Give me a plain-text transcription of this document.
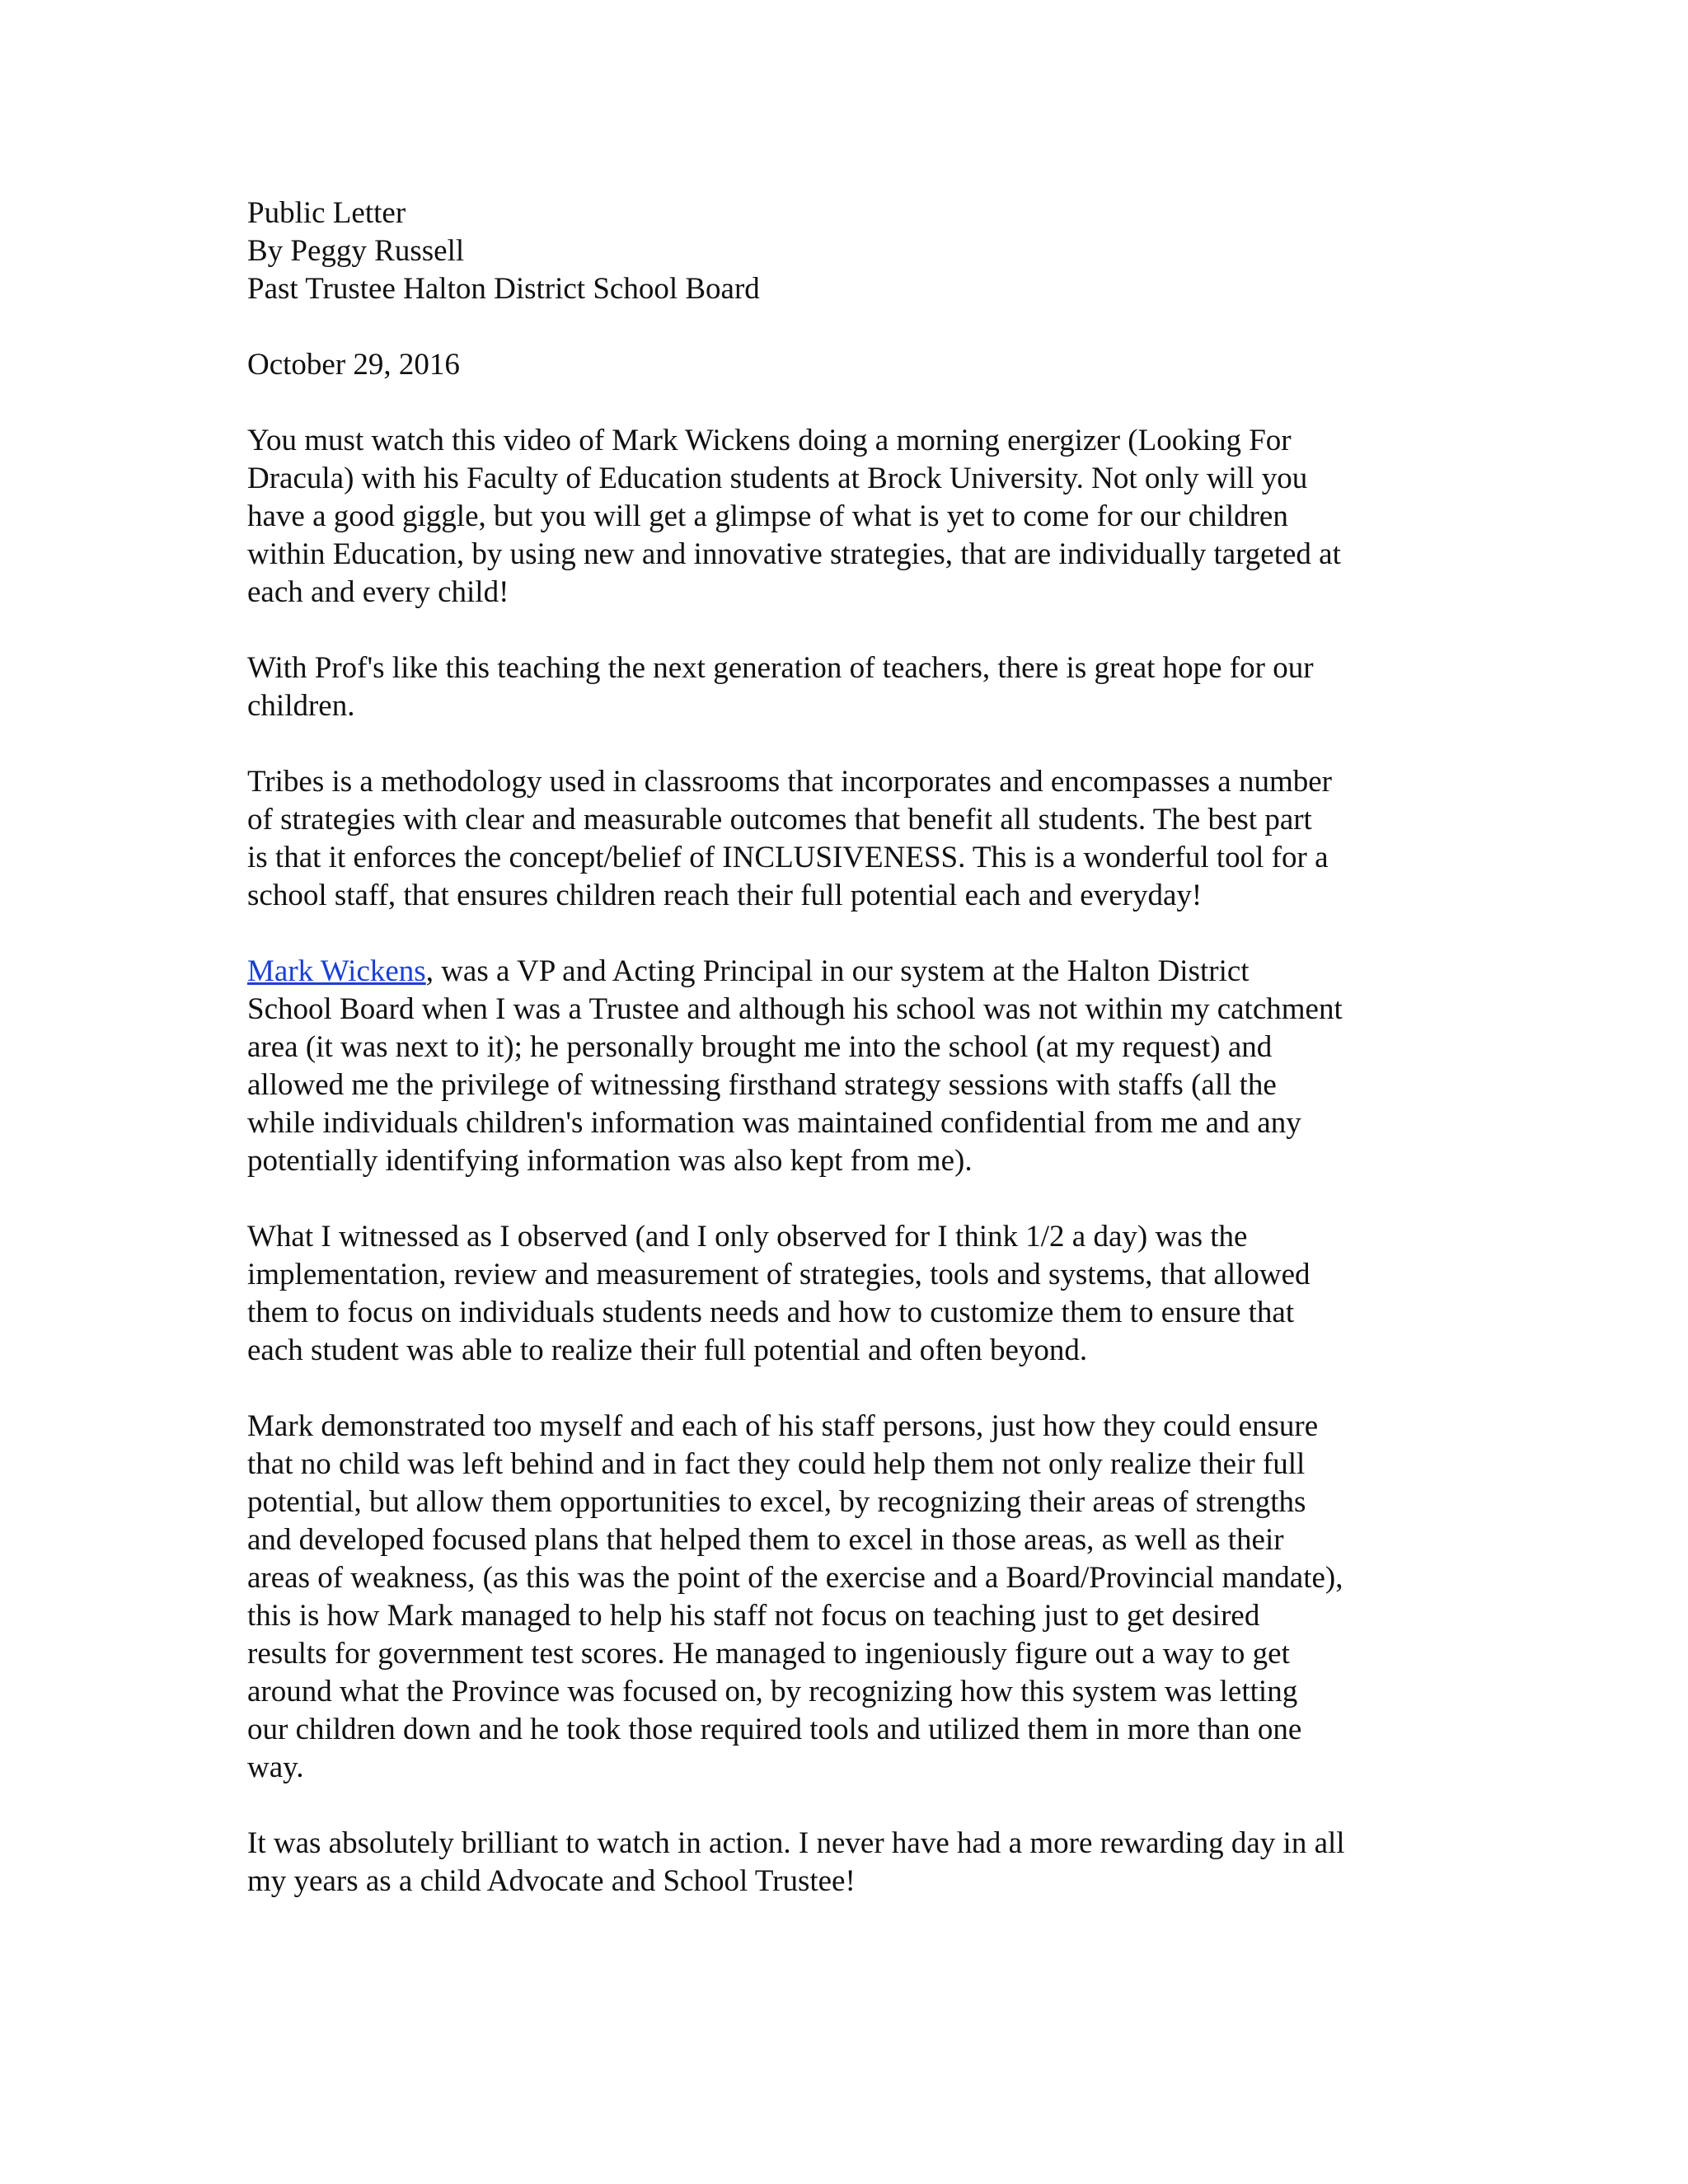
Public Letter
By Peggy Russell
Past Trustee Halton District School Board
October 29, 2016
You must watch this video of Mark Wickens doing a morning energizer (Looking For
Dracula) with his Faculty of Education students at Brock University. Not only will you
have a good giggle, but you will get a glimpse of what is yet to come for our children
within Education, by using new and innovative strategies, that are individually targeted at
each and every child!
With Prof's like this teaching the next generation of teachers, there is great hope for our
children.
Tribes is a methodology used in classrooms that incorporates and encompasses a number
of strategies with clear and measurable outcomes that benefit all students. The best part
is that it enforces the concept/belief of INCLUSIVENESS. This is a wonderful tool for a
school staff, that ensures children reach their full potential each and everyday!
Mark Wickens, was a VP and Acting Principal in our system at the Halton District
School Board when I was a Trustee and although his school was not within my catchment
area (it was next to it); he personally brought me into the school (at my request) and
allowed me the privilege of witnessing firsthand strategy sessions with staffs (all the
while individuals children's information was maintained confidential from me and any
potentially identifying information was also kept from me).
What I witnessed as I observed (and I only observed for I think 1/2 a day) was the
implementation, review and measurement of strategies, tools and systems, that allowed
them to focus on individuals students needs and how to customize them to ensure that
each student was able to realize their full potential and often beyond.
Mark demonstrated too myself and each of his staff persons, just how they could ensure
that no child was left behind and in fact they could help them not only realize their full
potential, but allow them opportunities to excel, by recognizing their areas of strengths
and developed focused plans that helped them to excel in those areas, as well as their
areas of weakness, (as this was the point of the exercise and a Board/Provincial mandate),
this is how Mark managed to help his staff not focus on teaching just to get desired
results for government test scores. He managed to ingeniously figure out a way to get
around what the Province was focused on, by recognizing how this system was letting
our children down and he took those required tools and utilized them in more than one
way.
It was absolutely brilliant to watch in action. I never have had a more rewarding day in all
my years as a child Advocate and School Trustee!
